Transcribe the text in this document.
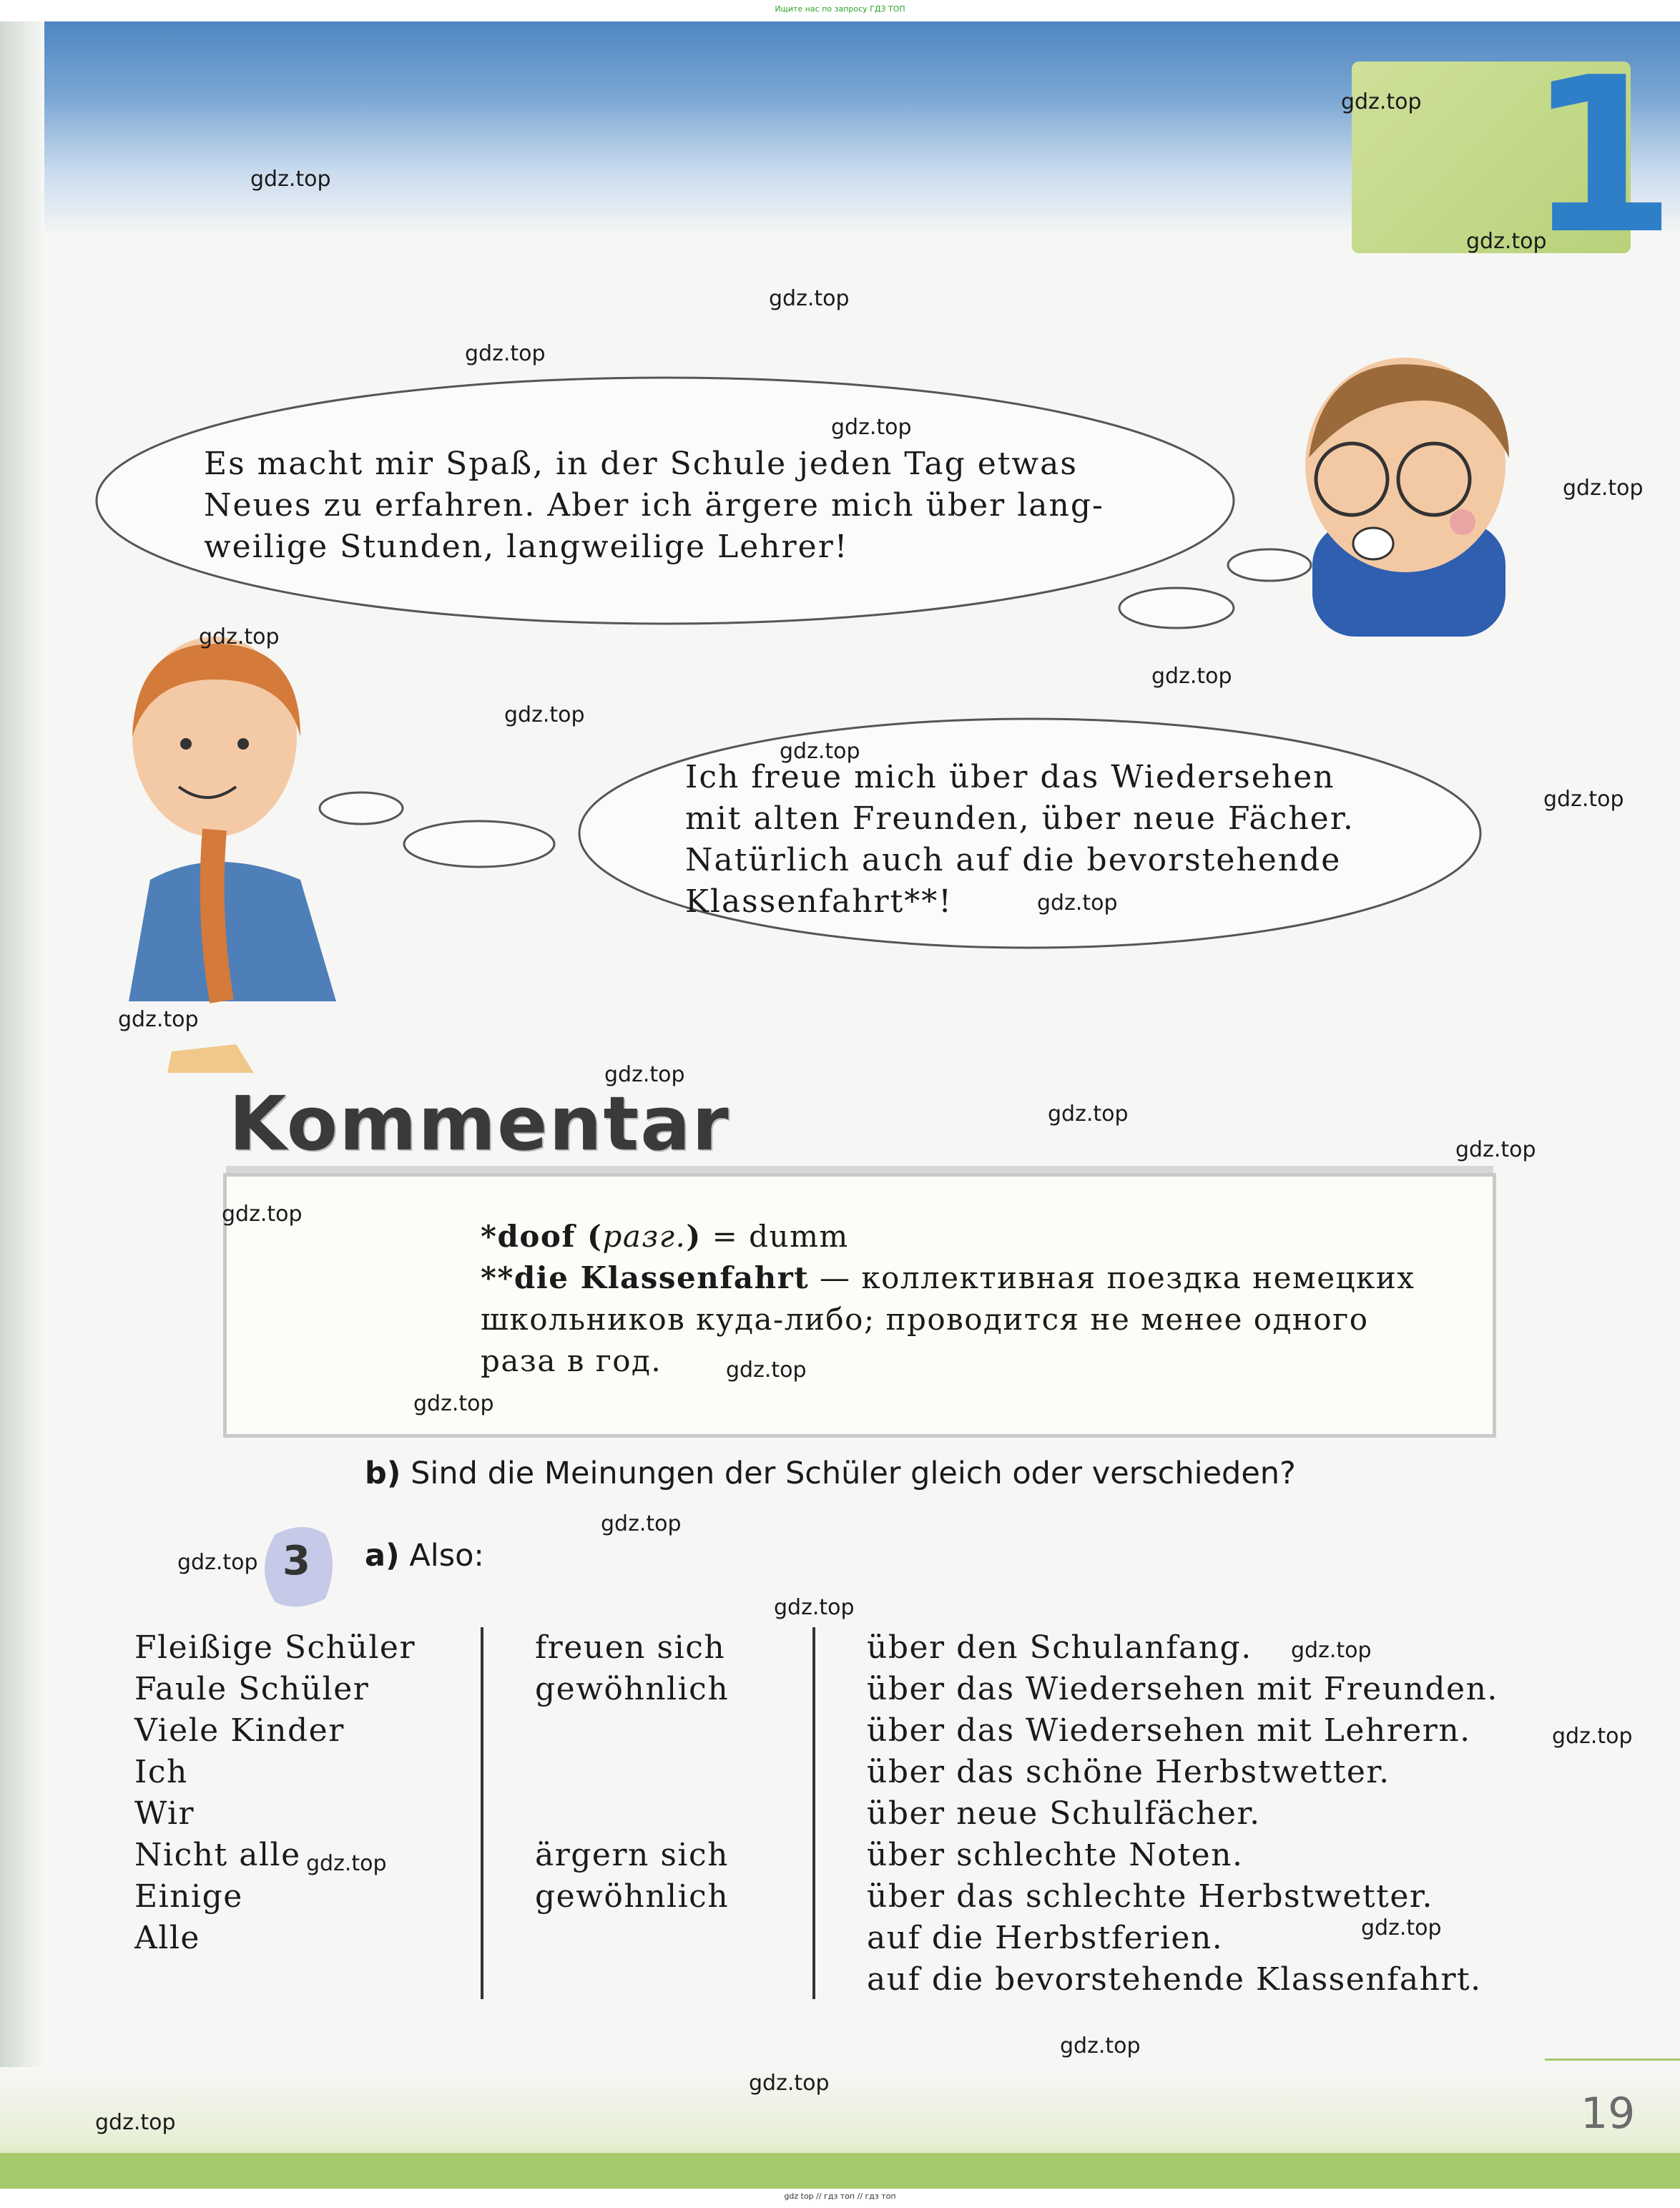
Ищите нас по запросу ГДЗ ТОП
1
Es macht mir Spaß, in der Schule jeden Tag etwas
Neues zu erfahren. Aber ich ärgere mich über lang-
weilige Stunden, langweilige Lehrer!
Ich freue mich über das Wiedersehen
mit alten Freunden, über neue Fächer.
Natürlich auch auf die bevorstehende
Klassenfahrt**!
Kommentar
*doof (разг.) = dumm
**die Klassenfahrt — коллективная поездка немецких
школьников куда-либо; проводится не менее одного
раза в год.
b) Sind die Meinungen der Schüler gleich oder verschieden?
3 a) Also:
Fleißige Schüler
Faule Schüler
Viele Kinder
Ich
Wir
Nicht alle
Einige
Alle
freuen sich
gewöhnlich
ärgern sich
gewöhnlich
über den Schulanfang.
über das Wiedersehen mit Freunden.
über das Wiedersehen mit Lehrern.
über das schöne Herbstwetter.
über neue Schulfächer.
über schlechte Noten.
über das schlechte Herbstwetter.
auf die Herbstferien.
auf die bevorstehende Klassenfahrt.
19
gdz top // гдз топ // гдз топ
gdz.top
gdz.top
gdz.top
gdz.top
gdz.top
gdz.top
gdz.top
gdz.top
gdz.top
gdz.top
gdz.top
gdz.top
gdz.top
gdz.top
gdz.top
gdz.top
gdz.top
gdz.top
gdz.top
gdz.top
gdz.top
gdz.top
gdz.top
gdz.top
gdz.top
gdz.top
gdz.top
gdz.top
gdz.top
gdz.top
